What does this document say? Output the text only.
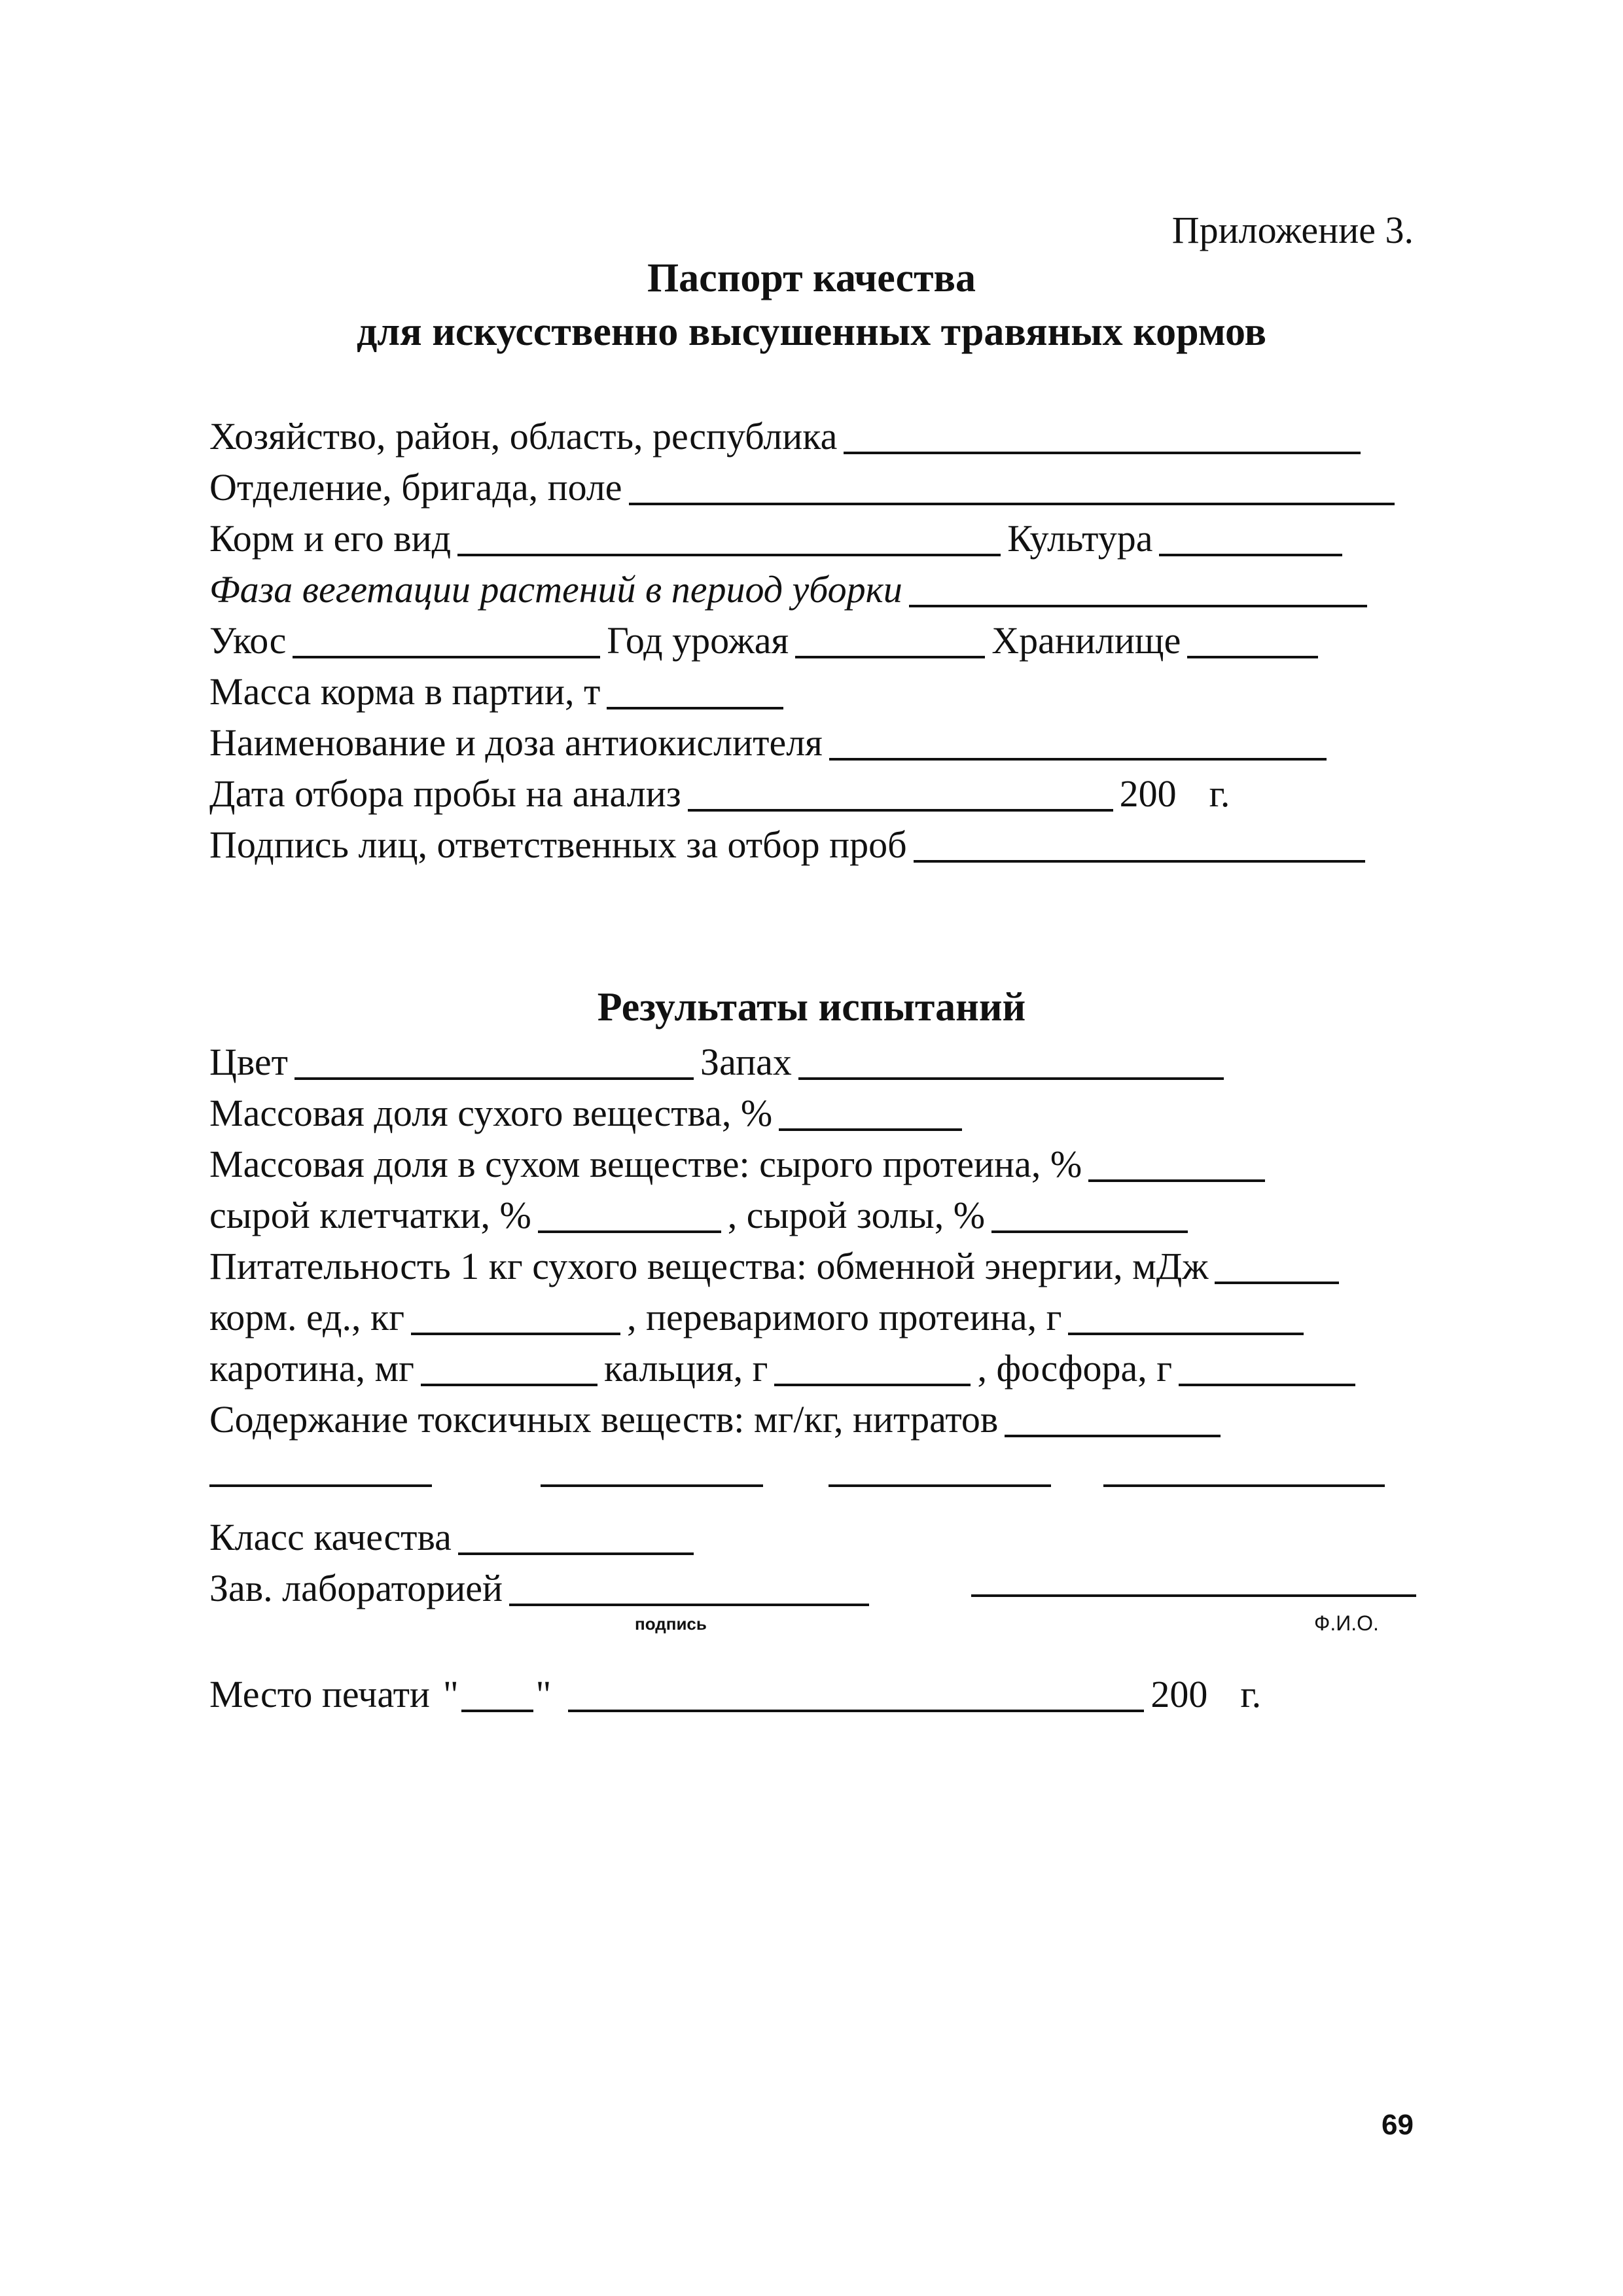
Приложение 3.
Паспорт качества
для искусственно высушенных травяных кормов
Хозяйство, район, область, республика
Отделение, бригада, поле
Корм и его вид	Культура
Фаза вегетации растений в период уборки
Укос	Год урожая	Хранилище
Масса корма в партии, т
Наименование и доза антиокислителя
Дата отбора пробы на анализ	200 г.
Подпись лиц, ответственных за отбор проб
Результаты испытаний
Цвет	Запах
Массовая доля сухого вещества, %
Массовая доля в сухом веществе: сырого протеина, %
сырой клетчатки, %	, сырой золы, %
Питательность 1 кг сухого вещества: обменной энергии, мДж
корм. ед., кг	, переваримого протеина, г
каротина, мг	кальция, г	, фосфора, г
Содержание токсичных веществ: мг/кг, нитратов
Класс качества
Зав. лабораторией
подпись	Ф.И.О.
Место печати " "	200 г.
69
